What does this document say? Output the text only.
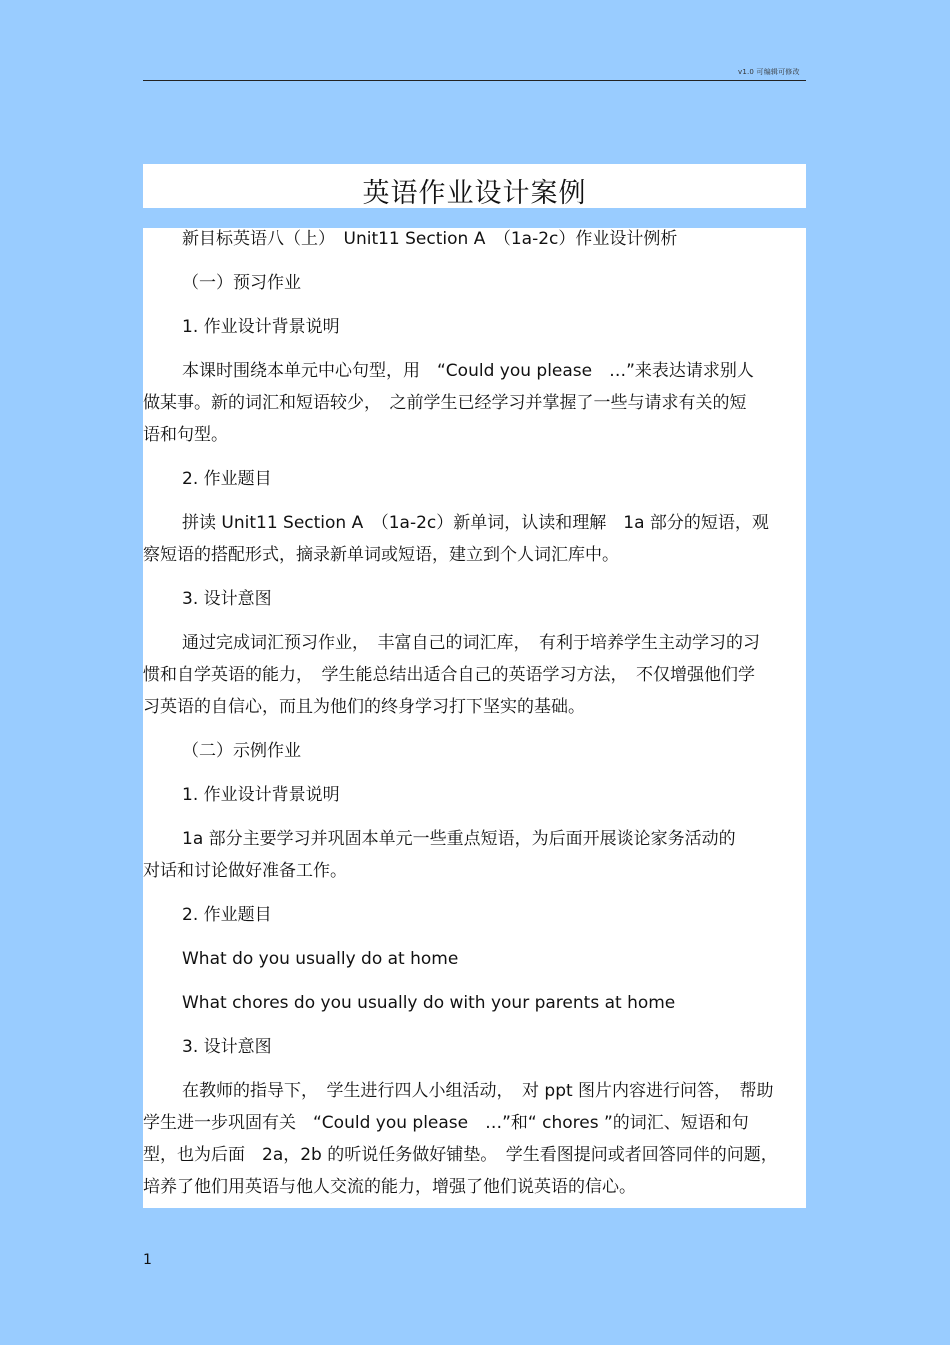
v1.0 可编辑可修改
英语作业设计案例
新目标英语八（上）　Unit11 Section A　（1a-2c）作业设计例析
（一）预习作业
1. 作业设计背景说明
本课时围绕本单元中心句型，用　“Could you please　…”来表达请求别人
做某事。新的词汇和短语较少，　之前学生已经学习并掌握了一些与请求有关的短
语和句型。
2. 作业题目
拼读 Unit11 Section A　（1a-2c）新单词，认读和理解　1a 部分的短语，观
察短语的搭配形式，摘录新单词或短语，建立到个人词汇库中。
3. 设计意图
通过完成词汇预习作业，　丰富自己的词汇库，　有利于培养学生主动学习的习
惯和自学英语的能力，　学生能总结出适合自己的英语学习方法，　不仅增强他们学
习英语的自信心，而且为他们的终身学习打下坚实的基础。
（二）示例作业
1. 作业设计背景说明
1a 部分主要学习并巩固本单元一些重点短语，为后面开展谈论家务活动的
对话和讨论做好准备工作。
2. 作业题目
What do you usually do at home
What chores do you usually do with your parents at home
3. 设计意图
在教师的指导下，　学生进行四人小组活动，　对 ppt 图片内容进行问答，　帮助
学生进一步巩固有关　“Could you please　…”和“ chores ”的词汇、短语和句
型，也为后面　2a，2b 的听说任务做好铺垫。　学生看图提问或者回答同伴的问题，
培养了他们用英语与他人交流的能力，增强了他们说英语的信心。
1
